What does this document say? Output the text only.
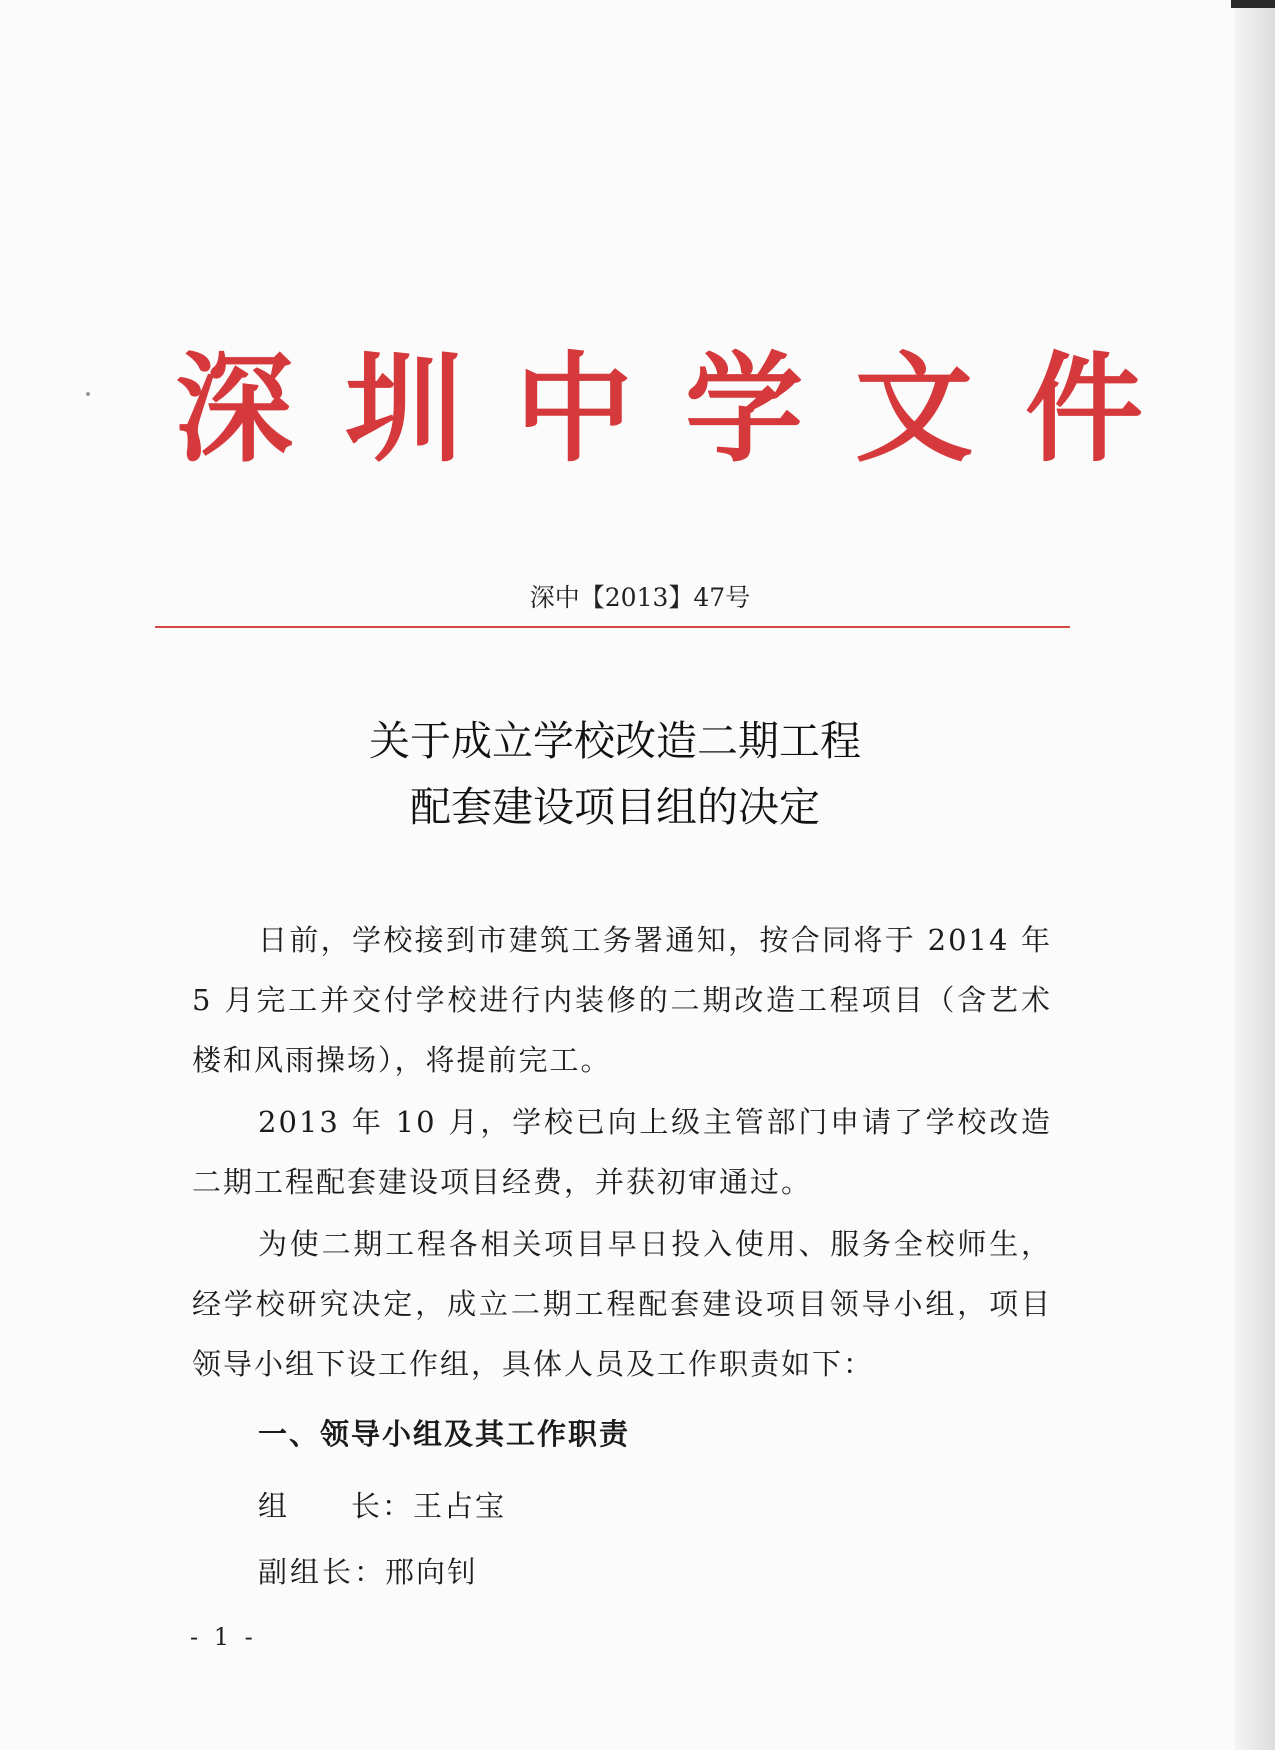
深圳中学文件
深中【2013】47号
关于成立学校改造二期工程
配套建设项目组的决定

日前，学校接到市建筑工务署通知，按合同将于 2014 年 5 月完工并交付学校进行内装修的二期改造工程项目（含艺术楼和风雨操场），将提前完工。

2013 年 10 月，学校已向上级主管部门申请了学校改造二期工程配套建设项目经费，并获初审通过。

为使二期工程各相关项目早日投入使用、服务全校师生，经学校研究决定，成立二期工程配套建设项目领导小组，项目领导小组下设工作组，具体人员及工作职责如下：

一、领导小组及其工作职责
组长：王占宝
副组长：邢向钊
- 1 -
